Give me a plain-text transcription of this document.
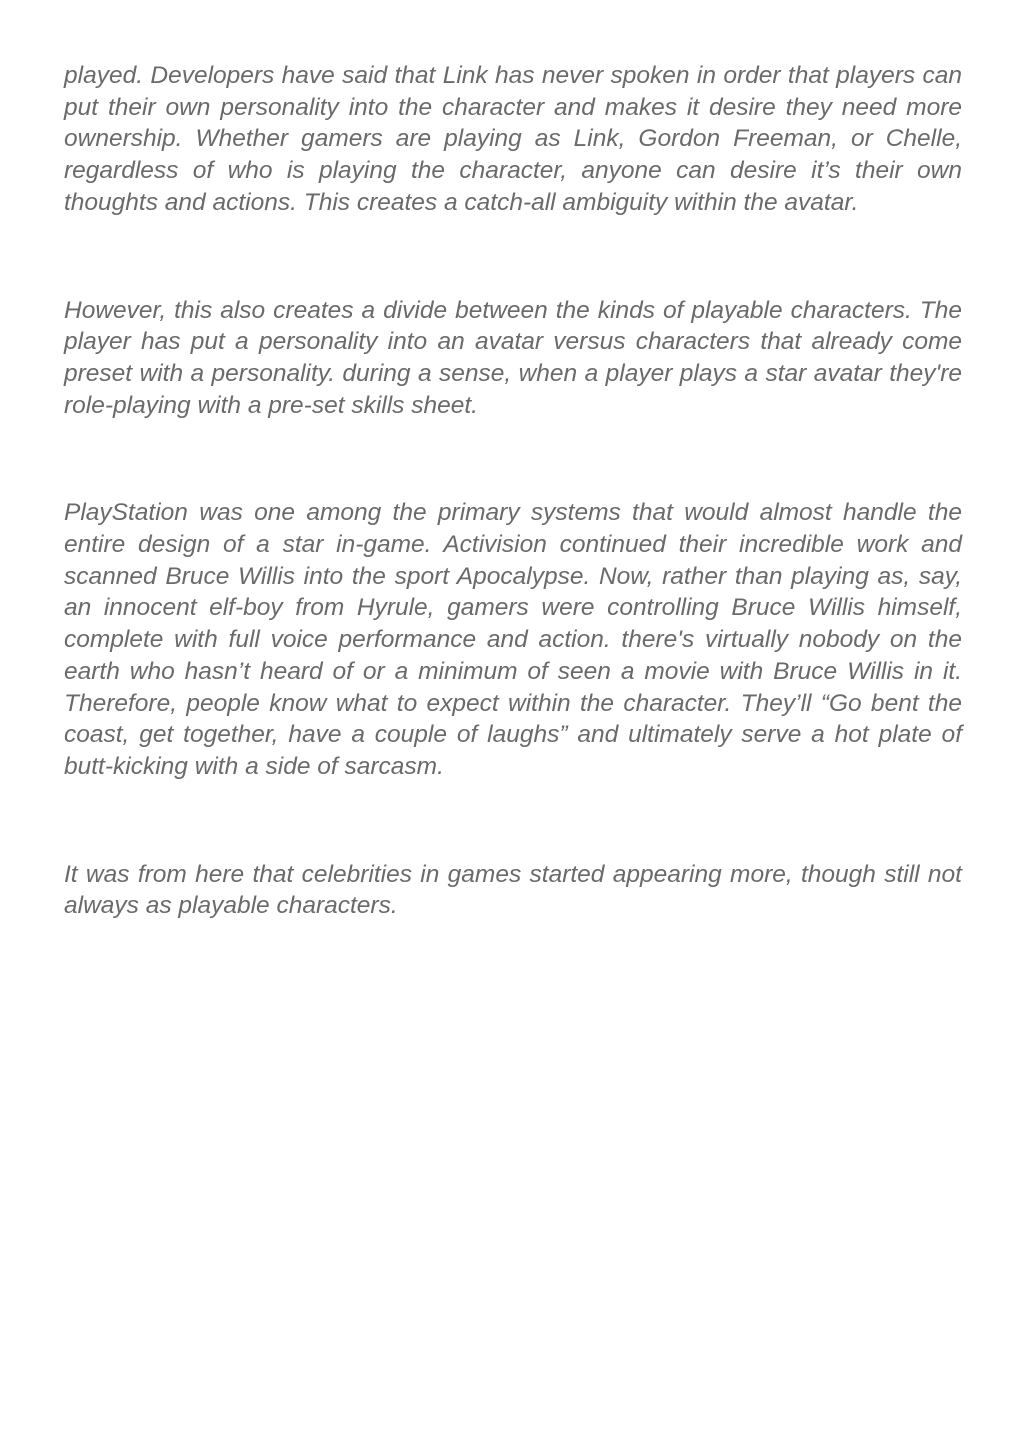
played. Developers have said that Link has never spoken in order that players can put their own personality into the character and makes it desire they need more ownership. Whether gamers are playing as Link, Gordon Freeman, or Chelle, regardless of who is playing the character, anyone can desire it’s their own thoughts and actions. This creates a catch-all ambiguity within the avatar.

However, this also creates a divide between the kinds of playable characters. The player has put a personality into an avatar versus characters that already come preset with a personality. during a sense, when a player plays a star avatar they're role-playing with a pre-set skills sheet.

PlayStation was one among the primary systems that would almost handle the entire design of a star in-game. Activision continued their incredible work and scanned Bruce Willis into the sport Apocalypse. Now, rather than playing as, say, an innocent elf-boy from Hyrule, gamers were controlling Bruce Willis himself, complete with full voice performance and action. there's virtually nobody on the earth who hasn’t heard of or a minimum of seen a movie with Bruce Willis in it. Therefore, people know what to expect within the character. They’ll “Go bent the coast, get together, have a couple of laughs” and ultimately serve a hot plate of butt-kicking with a side of sarcasm.

It was from here that celebrities in games started appearing more, though still not always as playable characters.
